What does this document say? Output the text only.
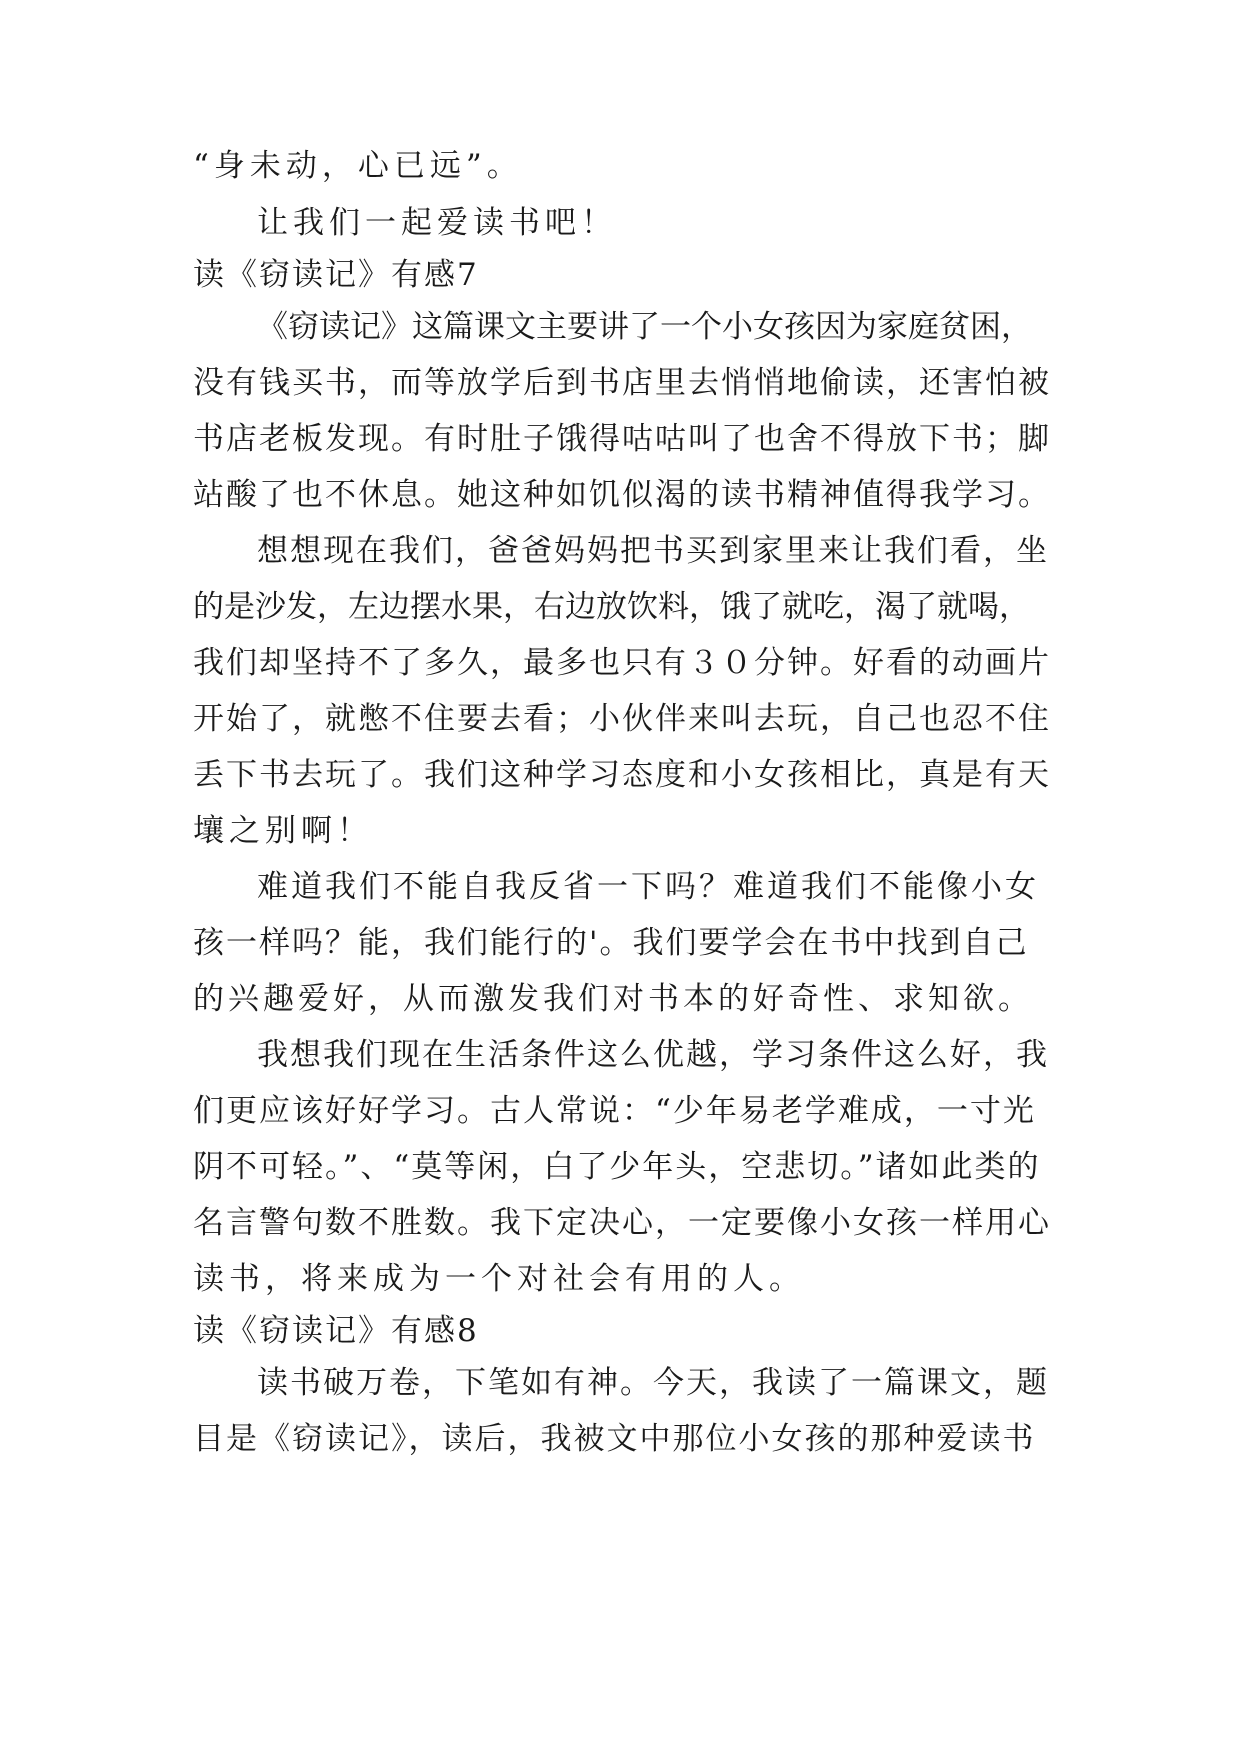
“身未动，心已远”。
让我们一起爱读书吧！
读《窃读记》有感7
《窃读记》这篇课文主要讲了一个小女孩因为家庭贫困，
没有钱买书，而等放学后到书店里去悄悄地偷读，还害怕被
书店老板发现。有时肚子饿得咕咕叫了也舍不得放下书；脚
站酸了也不休息。她这种如饥似渴的读书精神值得我学习。
想想现在我们，爸爸妈妈把书买到家里来让我们看，坐
的是沙发，左边摆水果，右边放饮料，饿了就吃，渴了就喝，
我们却坚持不了多久，最多也只有３０分钟。好看的动画片
开始了，就憋不住要去看；小伙伴来叫去玩，自己也忍不住
丢下书去玩了。我们这种学习态度和小女孩相比，真是有天
壤之别啊！
难道我们不能自我反省一下吗？难道我们不能像小女
孩一样吗？能，我们能行的'。我们要学会在书中找到自己
的兴趣爱好，从而激发我们对书本的好奇性、求知欲。
我想我们现在生活条件这么优越，学习条件这么好，我
们更应该好好学习。古人常说：“少年易老学难成，一寸光
阴不可轻。”、“莫等闲，白了少年头，空悲切。”诸如此类的
名言警句数不胜数。我下定决心，一定要像小女孩一样用心
读书，将来成为一个对社会有用的人。
读《窃读记》有感8
读书破万卷，下笔如有神。今天，我读了一篇课文，题
目是《窃读记》，读后，我被文中那位小女孩的那种爱读书
